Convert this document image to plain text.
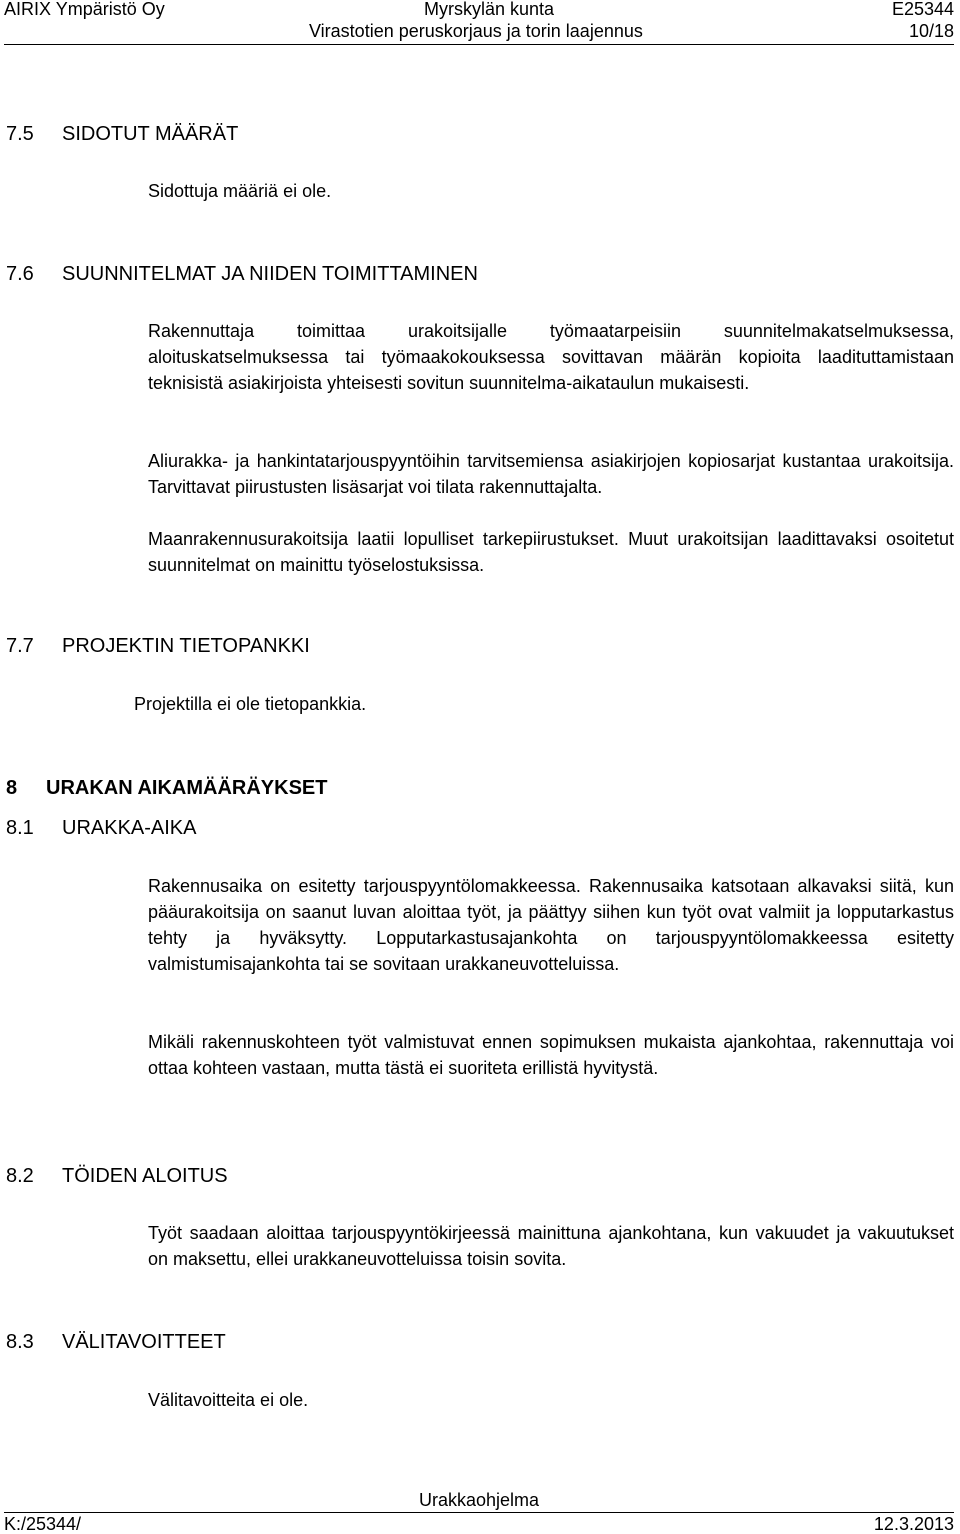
AIRIX Ympäristö Oy	Myrskylän kunta	E25344
Virastotien peruskorjaus ja torin laajennus	10/18
7.5 SIDOTUT MÄÄRÄT
Sidottuja määriä ei ole.
7.6 SUUNNITELMAT JA NIIDEN TOIMITTAMINEN
Rakennuttaja toimittaa urakoitsijalle työmaatarpeisiin suunnitelmakatselmuksessa, aloituskatselmuksessa tai työmaakokouksessa sovittavan määrän kopioita laadituttamistaan teknisistä asiakirjoista yhteisesti sovitun suunnitelma-aikataulun mukaisesti.
Aliurakka- ja hankintatarjouspyyntöihin tarvitsemiensa asiakirjojen kopiosarjat kustantaa urakoitsija. Tarvittavat piirustusten lisäsarjat voi tilata rakennuttajalta.
Maanrakennusurakoitsija laatii lopulliset tarkepiirustukset. Muut urakoitsijan laadittavaksi osoitetut suunnitelmat on mainittu työselostuksissa.
7.7 PROJEKTIN TIETOPANKKI
Projektilla ei ole tietopankkia.
8 URAKAN AIKAMÄÄRÄYKSET
8.1 URAKKA-AIKA
Rakennusaika on esitetty tarjouspyyntölomakkeessa. Rakennusaika katsotaan alkavaksi siitä, kun pääurakoitsija on saanut luvan aloittaa työt, ja päättyy siihen kun työt ovat valmiit ja lopputarkastus tehty ja hyväksytty. Lopputarkastusajankohta on tarjouspyyntölomakkeessa esitetty valmistumisajankohta tai se sovitaan urakkaneuvotteluissa.
Mikäli rakennuskohteen työt valmistuvat ennen sopimuksen mukaista ajankohtaa, rakennuttaja voi ottaa kohteen vastaan, mutta tästä ei suoriteta erillistä hyvitystä.
8.2 TÖIDEN ALOITUS
Työt saadaan aloittaa tarjouspyyntökirjeessä mainittuna ajankohtana, kun vakuudet ja vakuutukset on maksettu, ellei urakkaneuvotteluissa toisin sovita.
8.3 VÄLITAVOITTEET
Välitavoitteita ei ole.
Urakkaohjelma
K:/25344/	12.3.2013
